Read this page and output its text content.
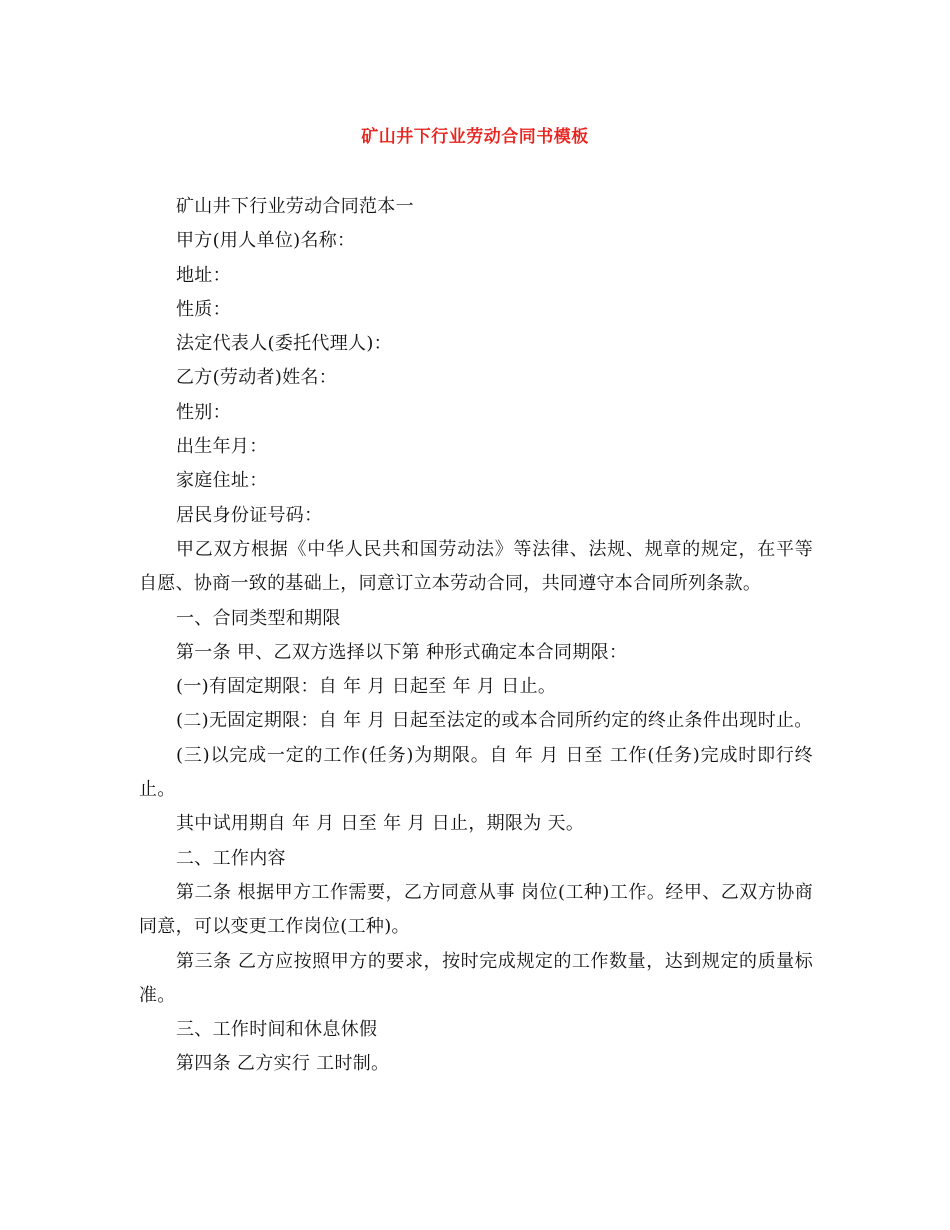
矿山井下行业劳动合同书模板

矿山井下行业劳动合同范本一

甲方(用人单位)名称：

地址：

性质：

法定代表人(委托代理人)：

乙方(劳动者)姓名：

性别：

出生年月：

家庭住址：

居民身份证号码：

甲乙双方根据《中华人民共和国劳动法》等法律、法规、规章的规定，在平等自愿、协商一致的基础上，同意订立本劳动合同，共同遵守本合同所列条款。

一、合同类型和期限

第一条 甲、乙双方选择以下第 种形式确定本合同期限：

(一)有固定期限：自 年 月 日起至 年 月 日止。

(二)无固定期限：自 年 月 日起至法定的或本合同所约定的终止条件出现时止。

(三)以完成一定的工作(任务)为期限。自 年 月 日至 工作(任务)完成时即行终止。

其中试用期自 年 月 日至 年 月 日止，期限为 天。

二、工作内容

第二条 根据甲方工作需要，乙方同意从事 岗位(工种)工作。经甲、乙双方协商同意，可以变更工作岗位(工种)。

第三条 乙方应按照甲方的要求，按时完成规定的工作数量，达到规定的质量标准。

三、工作时间和休息休假

第四条 乙方实行 工时制。
